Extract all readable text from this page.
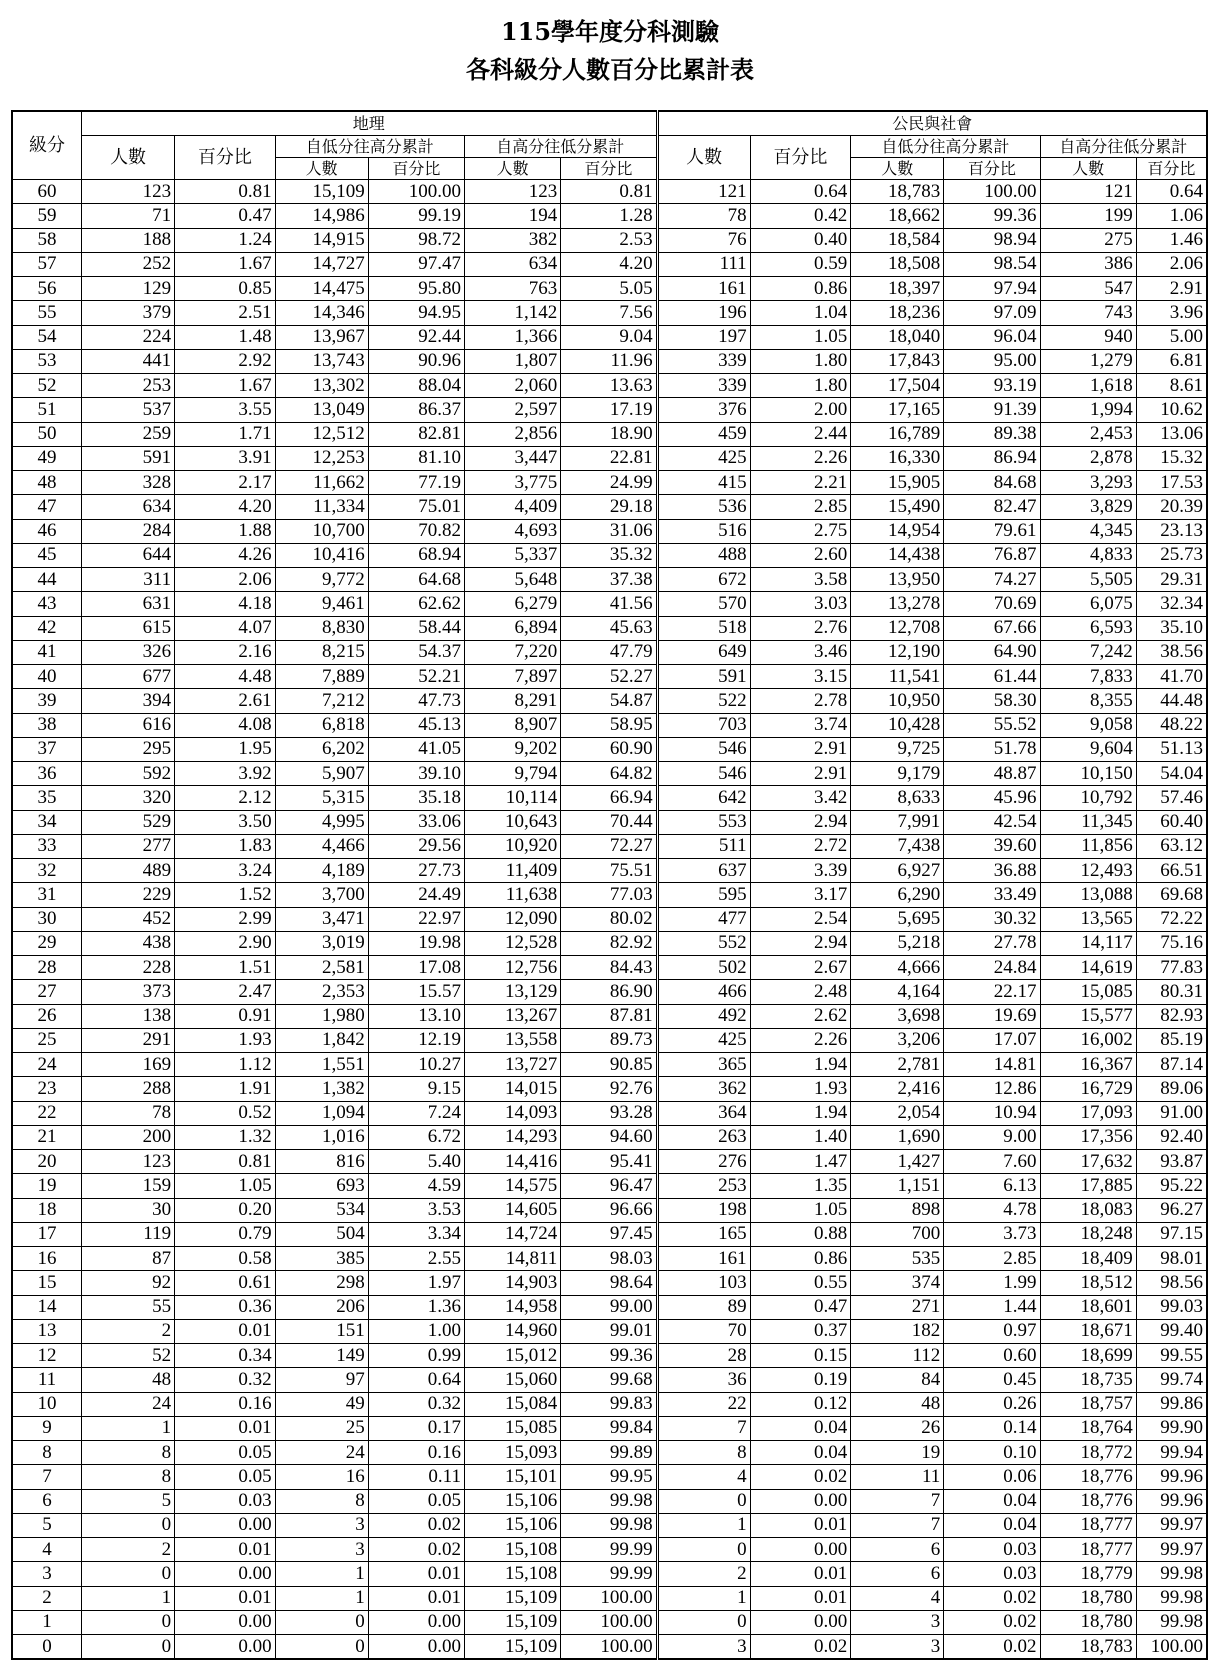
115學年度分科測驗
各科級分人數百分比累計表
級分	地理						公民與社會					
	人數	百分比	自低分往高分累計		自高分往低分累計		人數	百分比	自低分往高分累計		自高分往低分累計	
			人數	百分比	人數	百分比			人數	百分比	人數	百分比
60	123	0.81	15,109	100.00	123	0.81	121	0.64	18,783	100.00	121	0.64
59	71	0.47	14,986	99.19	194	1.28	78	0.42	18,662	99.36	199	1.06
58	188	1.24	14,915	98.72	382	2.53	76	0.40	18,584	98.94	275	1.46
57	252	1.67	14,727	97.47	634	4.20	111	0.59	18,508	98.54	386	2.06
56	129	0.85	14,475	95.80	763	5.05	161	0.86	18,397	97.94	547	2.91
55	379	2.51	14,346	94.95	1,142	7.56	196	1.04	18,236	97.09	743	3.96
54	224	1.48	13,967	92.44	1,366	9.04	197	1.05	18,040	96.04	940	5.00
53	441	2.92	13,743	90.96	1,807	11.96	339	1.80	17,843	95.00	1,279	6.81
52	253	1.67	13,302	88.04	2,060	13.63	339	1.80	17,504	93.19	1,618	8.61
51	537	3.55	13,049	86.37	2,597	17.19	376	2.00	17,165	91.39	1,994	10.62
50	259	1.71	12,512	82.81	2,856	18.90	459	2.44	16,789	89.38	2,453	13.06
49	591	3.91	12,253	81.10	3,447	22.81	425	2.26	16,330	86.94	2,878	15.32
48	328	2.17	11,662	77.19	3,775	24.99	415	2.21	15,905	84.68	3,293	17.53
47	634	4.20	11,334	75.01	4,409	29.18	536	2.85	15,490	82.47	3,829	20.39
46	284	1.88	10,700	70.82	4,693	31.06	516	2.75	14,954	79.61	4,345	23.13
45	644	4.26	10,416	68.94	5,337	35.32	488	2.60	14,438	76.87	4,833	25.73
44	311	2.06	9,772	64.68	5,648	37.38	672	3.58	13,950	74.27	5,505	29.31
43	631	4.18	9,461	62.62	6,279	41.56	570	3.03	13,278	70.69	6,075	32.34
42	615	4.07	8,830	58.44	6,894	45.63	518	2.76	12,708	67.66	6,593	35.10
41	326	2.16	8,215	54.37	7,220	47.79	649	3.46	12,190	64.90	7,242	38.56
40	677	4.48	7,889	52.21	7,897	52.27	591	3.15	11,541	61.44	7,833	41.70
39	394	2.61	7,212	47.73	8,291	54.87	522	2.78	10,950	58.30	8,355	44.48
38	616	4.08	6,818	45.13	8,907	58.95	703	3.74	10,428	55.52	9,058	48.22
37	295	1.95	6,202	41.05	9,202	60.90	546	2.91	9,725	51.78	9,604	51.13
36	592	3.92	5,907	39.10	9,794	64.82	546	2.91	9,179	48.87	10,150	54.04
35	320	2.12	5,315	35.18	10,114	66.94	642	3.42	8,633	45.96	10,792	57.46
34	529	3.50	4,995	33.06	10,643	70.44	553	2.94	7,991	42.54	11,345	60.40
33	277	1.83	4,466	29.56	10,920	72.27	511	2.72	7,438	39.60	11,856	63.12
32	489	3.24	4,189	27.73	11,409	75.51	637	3.39	6,927	36.88	12,493	66.51
31	229	1.52	3,700	24.49	11,638	77.03	595	3.17	6,290	33.49	13,088	69.68
30	452	2.99	3,471	22.97	12,090	80.02	477	2.54	5,695	30.32	13,565	72.22
29	438	2.90	3,019	19.98	12,528	82.92	552	2.94	5,218	27.78	14,117	75.16
28	228	1.51	2,581	17.08	12,756	84.43	502	2.67	4,666	24.84	14,619	77.83
27	373	2.47	2,353	15.57	13,129	86.90	466	2.48	4,164	22.17	15,085	80.31
26	138	0.91	1,980	13.10	13,267	87.81	492	2.62	3,698	19.69	15,577	82.93
25	291	1.93	1,842	12.19	13,558	89.73	425	2.26	3,206	17.07	16,002	85.19
24	169	1.12	1,551	10.27	13,727	90.85	365	1.94	2,781	14.81	16,367	87.14
23	288	1.91	1,382	9.15	14,015	92.76	362	1.93	2,416	12.86	16,729	89.06
22	78	0.52	1,094	7.24	14,093	93.28	364	1.94	2,054	10.94	17,093	91.00
21	200	1.32	1,016	6.72	14,293	94.60	263	1.40	1,690	9.00	17,356	92.40
20	123	0.81	816	5.40	14,416	95.41	276	1.47	1,427	7.60	17,632	93.87
19	159	1.05	693	4.59	14,575	96.47	253	1.35	1,151	6.13	17,885	95.22
18	30	0.20	534	3.53	14,605	96.66	198	1.05	898	4.78	18,083	96.27
17	119	0.79	504	3.34	14,724	97.45	165	0.88	700	3.73	18,248	97.15
16	87	0.58	385	2.55	14,811	98.03	161	0.86	535	2.85	18,409	98.01
15	92	0.61	298	1.97	14,903	98.64	103	0.55	374	1.99	18,512	98.56
14	55	0.36	206	1.36	14,958	99.00	89	0.47	271	1.44	18,601	99.03
13	2	0.01	151	1.00	14,960	99.01	70	0.37	182	0.97	18,671	99.40
12	52	0.34	149	0.99	15,012	99.36	28	0.15	112	0.60	18,699	99.55
11	48	0.32	97	0.64	15,060	99.68	36	0.19	84	0.45	18,735	99.74
10	24	0.16	49	0.32	15,084	99.83	22	0.12	48	0.26	18,757	99.86
9	1	0.01	25	0.17	15,085	99.84	7	0.04	26	0.14	18,764	99.90
8	8	0.05	24	0.16	15,093	99.89	8	0.04	19	0.10	18,772	99.94
7	8	0.05	16	0.11	15,101	99.95	4	0.02	11	0.06	18,776	99.96
6	5	0.03	8	0.05	15,106	99.98	0	0.00	7	0.04	18,776	99.96
5	0	0.00	3	0.02	15,106	99.98	1	0.01	7	0.04	18,777	99.97
4	2	0.01	3	0.02	15,108	99.99	0	0.00	6	0.03	18,777	99.97
3	0	0.00	1	0.01	15,108	99.99	2	0.01	6	0.03	18,779	99.98
2	1	0.01	1	0.01	15,109	100.00	1	0.01	4	0.02	18,780	99.98
1	0	0.00	0	0.00	15,109	100.00	0	0.00	3	0.02	18,780	99.98
0	0	0.00	0	0.00	15,109	100.00	3	0.02	3	0.02	18,783	100.00
